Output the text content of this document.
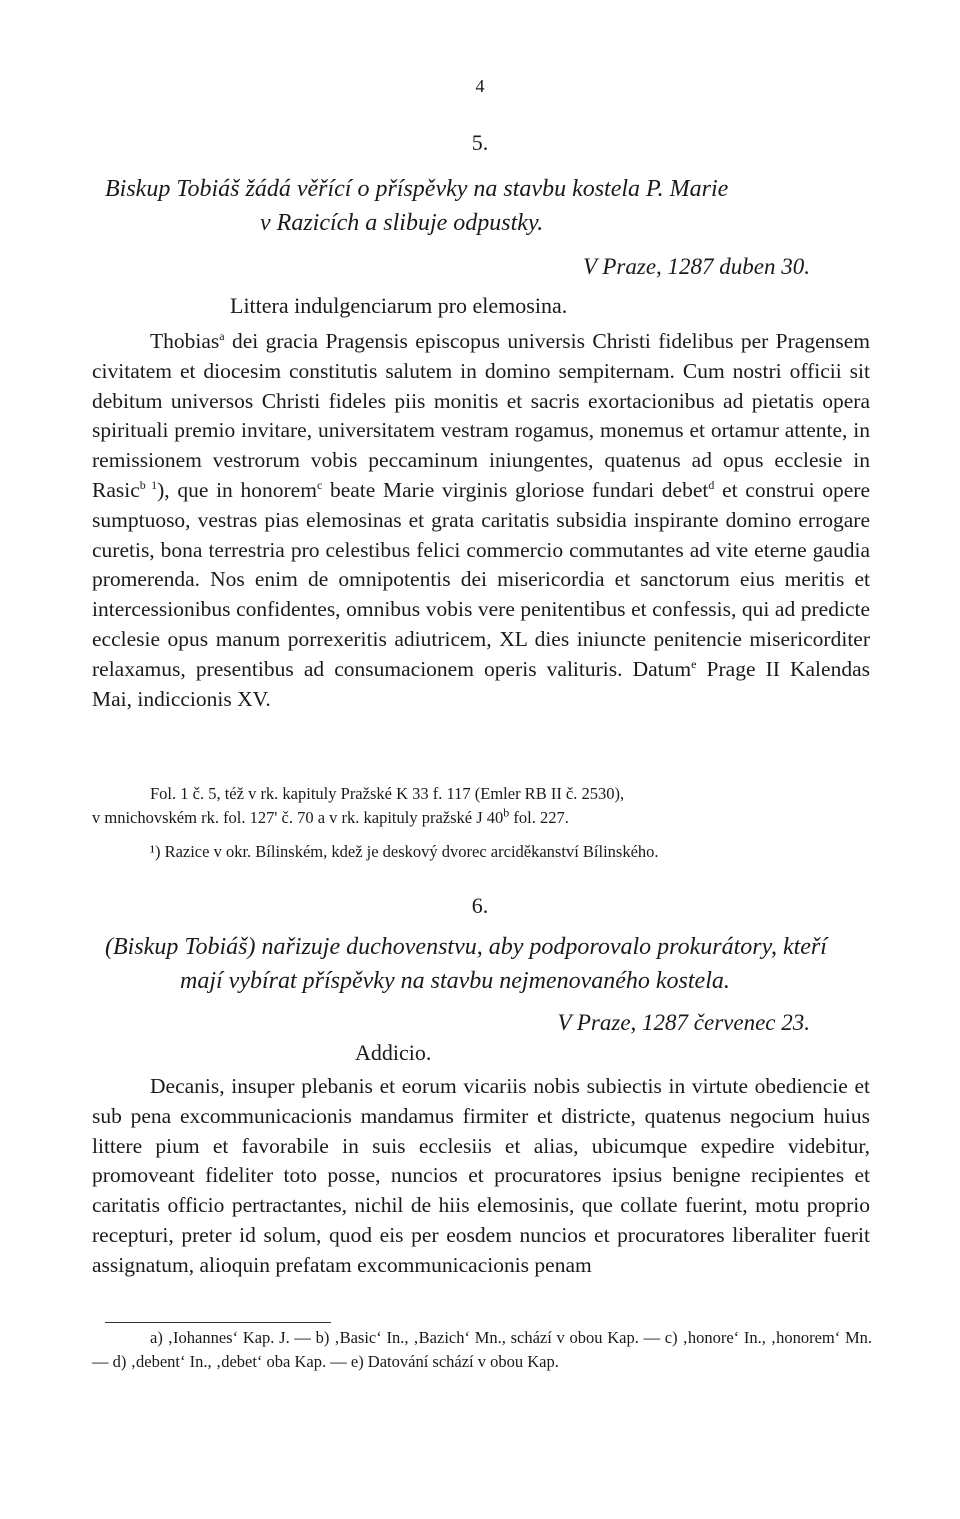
4
5.
Biskup Tobiáš žádá věřící o příspěvky na stavbu kostela P. Marie
v Razicích a slibuje odpustky.
V Praze, 1287 duben 30.
Littera indulgenciarum pro elemosina.

Thobias$^a$ dei gracia Pragensis episcopus universis Christi fidelibus per Pragensem civitatem et diocesim constitutis salutem in domino sempiternam. Cum nostri officii sit debitum universos Christi fideles piis monitis et sacris exortacionibus ad pietatis opera spirituali premio invitare, universitatem vestram rogamus, monemus et ortamur attente, in remissionem vestrorum vobis peccaminum iniungentes, quatenus ad opus ecclesie in Rasic$^b$ $^1$), que in honorem$^c$ beate Marie virginis gloriose fundari debet$^d$ et construi opere sumptuoso, vestras pias elemosinas et grata caritatis subsidia inspirante domino errogare curetis, bona terrestria pro celestibus felici commercio commutantes ad vite eterne gaudia promerenda. Nos enim de omnipotentis dei misericordia et sanctorum eius meritis et intercessionibus confidentes, omnibus vobis vere penitentibus et confessis, qui ad predicte ecclesie opus manum porrexeritis adiutricem, XL dies iniuncte penitencie misericorditer relaxamus, presentibus ad consumacionem operis valituris. Datum$^e$ Prage II Kalendas Mai, indiccionis XV.

Fol. 1 č. 5, též v rk. kapituly Pražské K 33 f. 117 (Emler RB II č. 2530),

v mnichovském rk. fol. 127' č. 70 a v rk. kapituly pražské J 40$^b$ fol. 227.

¹) Razice v okr. Bílinském, kdež je deskový dvorec arciděkanství Bílinského.

6.
(Biskup Tobiáš) nařizuje duchovenstvu, aby podporovalo prokurátory, kteří
mají vybírat příspěvky na stavbu nejmenovaného kostela.
V Praze, 1287 červenec 23.
Addicio.

Decanis, insuper plebanis et eorum vicariis nobis subiectis in virtute obediencie et sub pena excommunicacionis mandamus firmiter et districte, quatenus negocium huius littere pium et favorabile in suis ecclesiis et alias, ubicumque expedire videbitur, promoveant fideliter toto posse, nuncios et procuratores ipsius benigne recipientes et caritatis officio pertractantes, nichil de hiis elemosinis, que collate fuerint, motu proprio recepturi, preter id solum, quod eis per eosdem nuncios et procuratores liberaliter fuerit assignatum, alioquin prefatam excommunicacionis penam

a) ‚Iohannes‘ Kap. J. — b) ‚Basic‘ In., ‚Bazich‘ Mn., schází v obou Kap. — c) ‚honore‘ In., ‚honorem‘ Mn. — d) ‚debent‘ In., ‚debet‘ oba Kap. — e) Datování schází v obou Kap.
